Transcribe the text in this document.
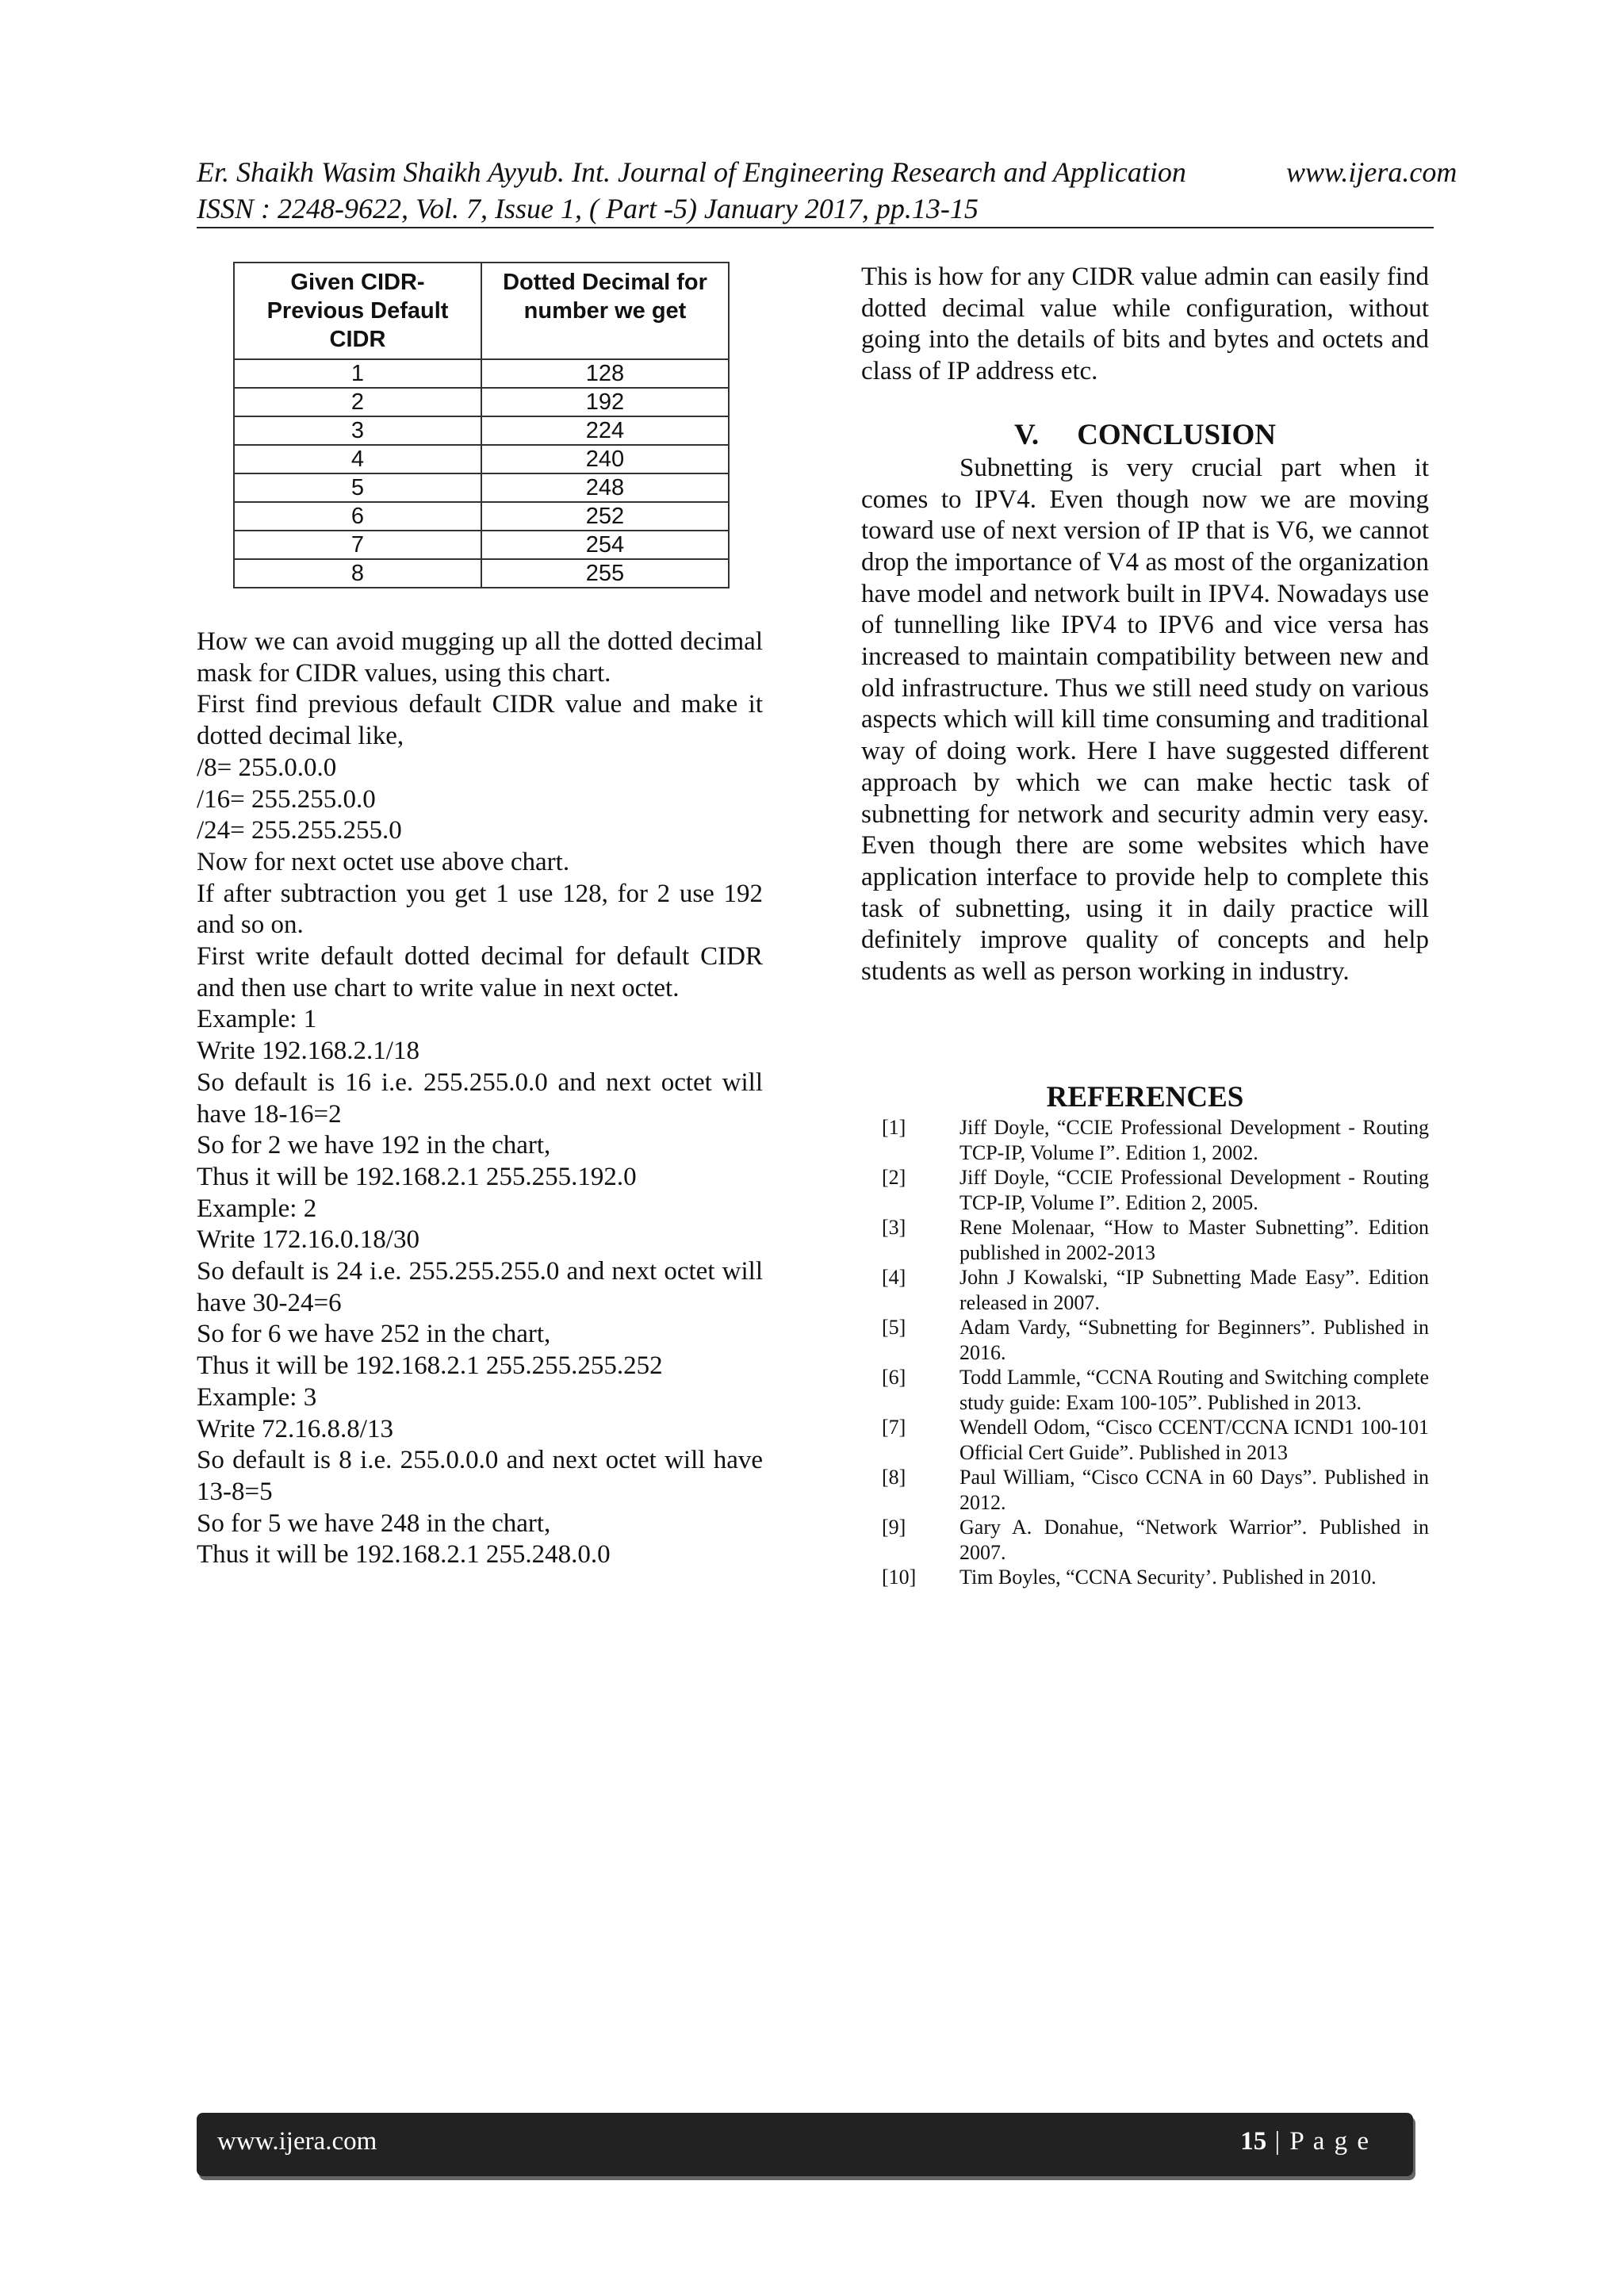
Er. Shaikh Wasim Shaikh Ayyub. Int. Journal of Engineering Research and Application	www.ijera.com
ISSN : 2248-9622, Vol. 7, Issue 1, ( Part -5) January 2017, pp.13-15
Given CIDR-
Previous Default
CIDR	Dotted Decimal for
number we get
1	128
2	192
3	224
4	240
5	248
6	252
7	254
8	255

How we can avoid mugging up all the dotted decimal mask for CIDR values, using this chart.

First find previous default CIDR value and make it dotted decimal like,

/8= 255.0.0.0

/16= 255.255.0.0

/24= 255.255.255.0

Now for next octet use above chart.

If after subtraction you get 1 use 128, for 2 use 192 and so on.

First write default dotted decimal for default CIDR and then use chart to write value in next octet.

Example: 1

Write 192.168.2.1/18

So default is 16 i.e. 255.255.0.0 and next octet will have 18-16=2

So for 2 we have 192 in the chart,

Thus it will be 192.168.2.1 255.255.192.0

Example: 2

Write 172.16.0.18/30

So default is 24 i.e. 255.255.255.0 and next octet will have 30-24=6

So for 6 we have 252 in the chart,

Thus it will be 192.168.2.1 255.255.255.252

Example: 3

Write 72.16.8.8/13

So default is 8 i.e. 255.0.0.0 and next octet will have 13-8=5

So for 5 we have 248 in the chart,

Thus it will be 192.168.2.1 255.248.0.0

This is how for any CIDR value admin can easily find dotted decimal value while configuration, without going into the details of bits and bytes and octets and class of IP address etc.

V. CONCLUSION

Subnetting is very crucial part when it comes to IPV4. Even though now we are moving toward use of next version of IP that is V6, we cannot drop the importance of V4 as most of the organization have model and network built in IPV4. Nowadays use of tunnelling like IPV4 to IPV6 and vice versa has increased to maintain compatibility between new and old infrastructure. Thus we still need study on various aspects which will kill time consuming and traditional way of doing work. Here I have suggested different approach by which we can make hectic task of subnetting for network and security admin very easy. Even though there are some websites which have application interface to provide help to complete this task of subnetting, using it in daily practice will definitely improve quality of concepts and help students as well as person working in industry.

REFERENCES
[1]	Jiff Doyle, “CCIE Professional Development - Routing TCP-IP, Volume I”. Edition 1, 2002.
[2]	Jiff Doyle, “CCIE Professional Development - Routing TCP-IP, Volume I”. Edition 2, 2005.
[3]	Rene Molenaar, “How to Master Subnetting”. Edition published in 2002-2013
[4]	John J Kowalski, “IP Subnetting Made Easy”. Edition released in 2007.
[5]	Adam Vardy, “Subnetting for Beginners”. Published in 2016.
[6]	Todd Lammle, “CCNA Routing and Switching complete study guide: Exam 100-105”. Published in 2013.
[7]	Wendell Odom, “Cisco CCENT/CCNA ICND1 100-101 Official Cert Guide”. Published in 2013
[8]	Paul William, “Cisco CCNA in 60 Days”. Published in 2012.
[9]	Gary A. Donahue, “Network Warrior”. Published in 2007.
[10]	Tim Boyles, “CCNA Security’. Published in 2010.
www.ijera.com	15 | P a g e
